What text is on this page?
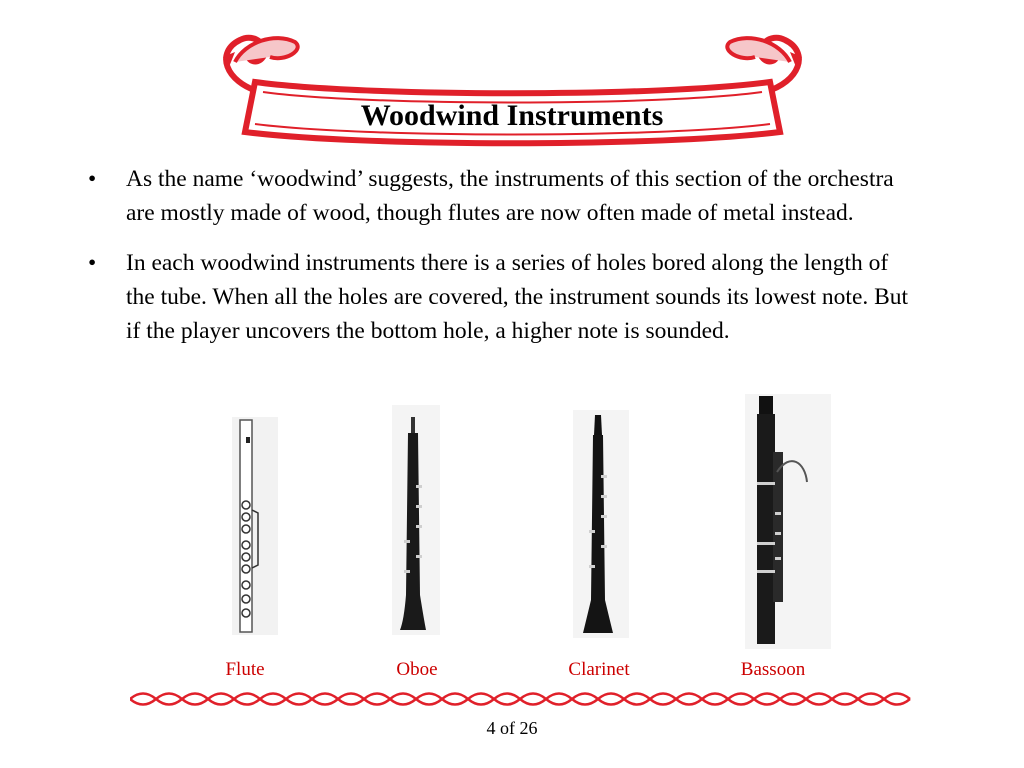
Woodwind Instruments
• As the name ‘woodwind’ suggests, the instruments of this section of the orchestra are mostly made of wood, though flutes are now often made of metal instead.
• In each woodwind instruments there is a series of holes bored along the length of the tube. When all the holes are covered, the instrument sounds its lowest note. But if the player uncovers the bottom hole, a higher note is sounded.
Flute	Oboe	Clarinet	Bassoon
4 of 26
